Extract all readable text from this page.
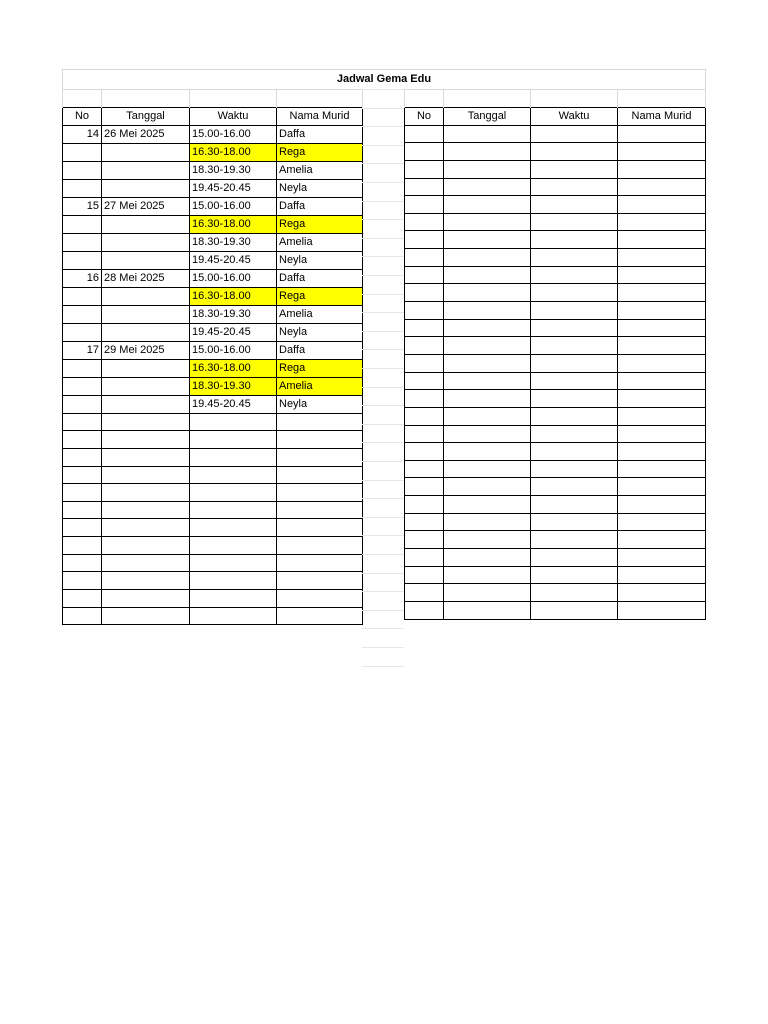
Jadwal Gema Edu

No	Tanggal	Waktu	Nama Murid
14	26 Mei 2025	15.00-16.00	Daffa
		16.30-18.00	Rega
		18.30-19.30	Amelia
		19.45-20.45	Neyla
15	27 Mei 2025	15.00-16.00	Daffa
		16.30-18.00	Rega
		18.30-19.30	Amelia
		19.45-20.45	Neyla
16	28 Mei 2025	15.00-16.00	Daffa
		16.30-18.00	Rega
		18.30-19.30	Amelia
		19.45-20.45	Neyla
17	29 Mei 2025	15.00-16.00	Daffa
		16.30-18.00	Rega
		18.30-19.30	Amelia
		19.45-20.45	Neyla

No	Tanggal	Waktu	Nama Murid
